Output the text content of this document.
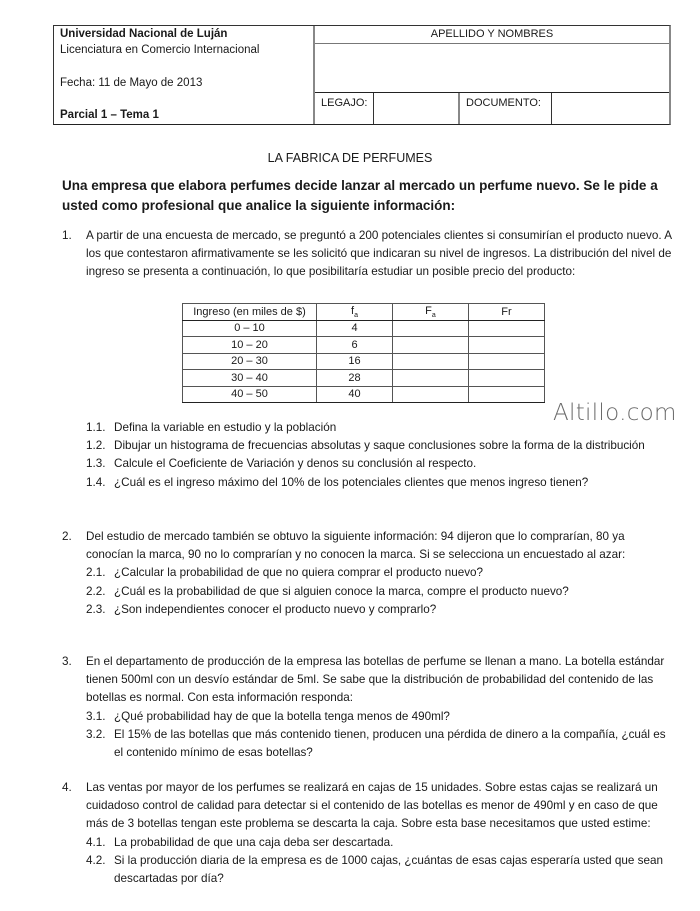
Universidad Nacional de Luján
Licenciatura en Comercio Internacional
Fecha: 11 de Mayo de 2013
Parcial 1 – Tema 1
APELLIDO Y NOMBRES
LEGAJO:	DOCUMENTO:
LA FABRICA DE PERFUMES
Una empresa que elabora perfumes decide lanzar al mercado un perfume nuevo. Se le pide a usted como profesional que analice la siguiente información:
1. A partir de una encuesta de mercado, se preguntó a 200 potenciales clientes si consumirían el producto nuevo. A los que contestaron afirmativamente se les solicitó que indicaran su nivel de ingresos. La distribución del nivel de ingreso se presenta a continuación, lo que posibilitaría estudiar un posible precio del producto:
Ingreso (en miles de $)	$f_a$	$F_a$	Fr
0 – 10	4		
10 – 20	6		
20 – 30	16		
30 – 40	28		
40 – 50	40		
Altillo.com
1.1. Defina la variable en estudio y la población
1.2. Dibujar un histograma de frecuencias absolutas y saque conclusiones sobre la forma de la distribución
1.3. Calcule el Coeficiente de Variación y denos su conclusión al respecto.
1.4. ¿Cuál es el ingreso máximo del 10% de los potenciales clientes que menos ingreso tienen?
2. Del estudio de mercado también se obtuvo la siguiente información: 94 dijeron que lo comprarían, 80 ya conocían la marca, 90 no lo comprarían y no conocen la marca. Si se selecciona un encuestado al azar:
2.1. ¿Calcular la probabilidad de que no quiera comprar el producto nuevo?
2.2. ¿Cuál es la probabilidad de que si alguien conoce la marca, compre el producto nuevo?
2.3. ¿Son independientes conocer el producto nuevo y comprarlo?
3. En el departamento de producción de la empresa las botellas de perfume se llenan a mano. La botella estándar tienen 500ml con un desvío estándar de 5ml. Se sabe que la distribución de probabilidad del contenido de las botellas es normal. Con esta información responda:
3.1. ¿Qué probabilidad hay de que la botella tenga menos de 490ml?
3.2. El 15% de las botellas que más contenido tienen, producen una pérdida de dinero a la compañía, ¿cuál es el contenido mínimo de esas botellas?
4. Las ventas por mayor de los perfumes se realizará en cajas de 15 unidades. Sobre estas cajas se realizará un cuidadoso control de calidad para detectar si el contenido de las botellas es menor de 490ml y en caso de que más de 3 botellas tengan este problema se descarta la caja. Sobre esta base necesitamos que usted estime:
4.1. La probabilidad de que una caja deba ser descartada.
4.2. Si la producción diaria de la empresa es de 1000 cajas, ¿cuántas de esas cajas esperaría usted que sean descartadas por día?
